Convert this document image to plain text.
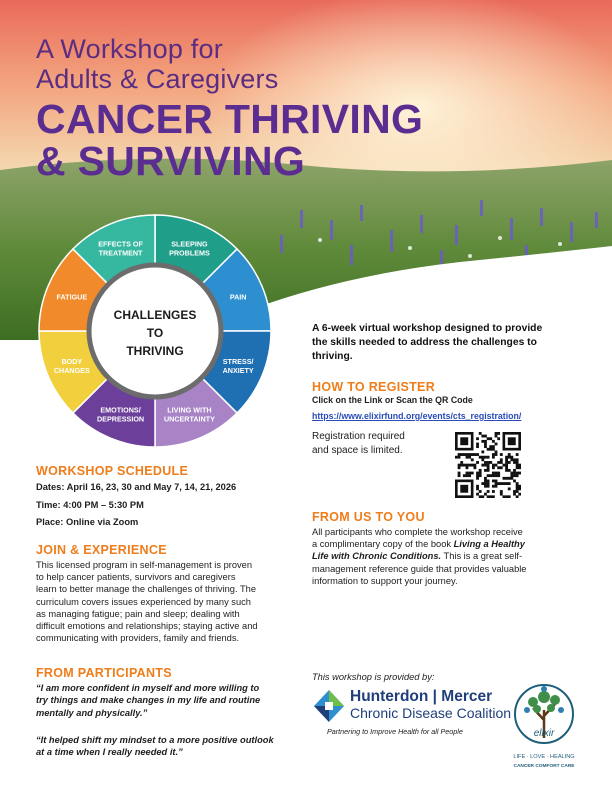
A Workshop for
Adults & Caregivers
CANCER THRIVING
& SURVIVING
SLEEPING
PROBLEMS
PAIN
STRESS/
ANXIETY
LIVING WITH
UNCERTAINTY
EMOTIONS/
DEPRESSION
BODY
CHANGES
FATIGUE
EFFECTS OF
TREATMENT
CHALLENGES
TO
THRIVING
WORKSHOP SCHEDULE

Dates: April 16, 23, 30 and May 7, 14, 21, 2026

Time: 4:00 PM – 5:30 PM

Place: Online via Zoom

JOIN & EXPERIENCE
This licensed program in self-management is proven
to help cancer patients, survivors and caregivers
learn to better manage the challenges of thriving. The
curriculum covers issues experienced by many such
as managing fatigue; pain and sleep; dealing with
difficult emotions and relationships; staying active and
communicating with providers, family and friends.
FROM PARTICIPANTS
“I am more confident in myself and more willing to
try things and make changes in my life and routine
mentally and physically.”
“It helped shift my mindset to a more positive outlook
at a time when I really needed it.”
A 6-week virtual workshop designed to provide
the skills needed to address the challenges to
thriving.
HOW TO REGISTER

Click on the Link or Scan the QR Code

https://www.elixirfund.org/events/cts_registration/

Registration required
and space is limited.

FROM US TO YOU
All participants who complete the workshop receive
a complimentary copy of the book Living a Healthy
Life with Chronic Conditions. This is a great self-
management reference guide that provides valuable
information to support your journey.

This workshop is provided by:

Hunterdon | Mercer

Chronic Disease Coalition

Partnering to Improve Health for all People	elixir
LIFE · LOVE · HEALING
CANCER COMFORT CARE
